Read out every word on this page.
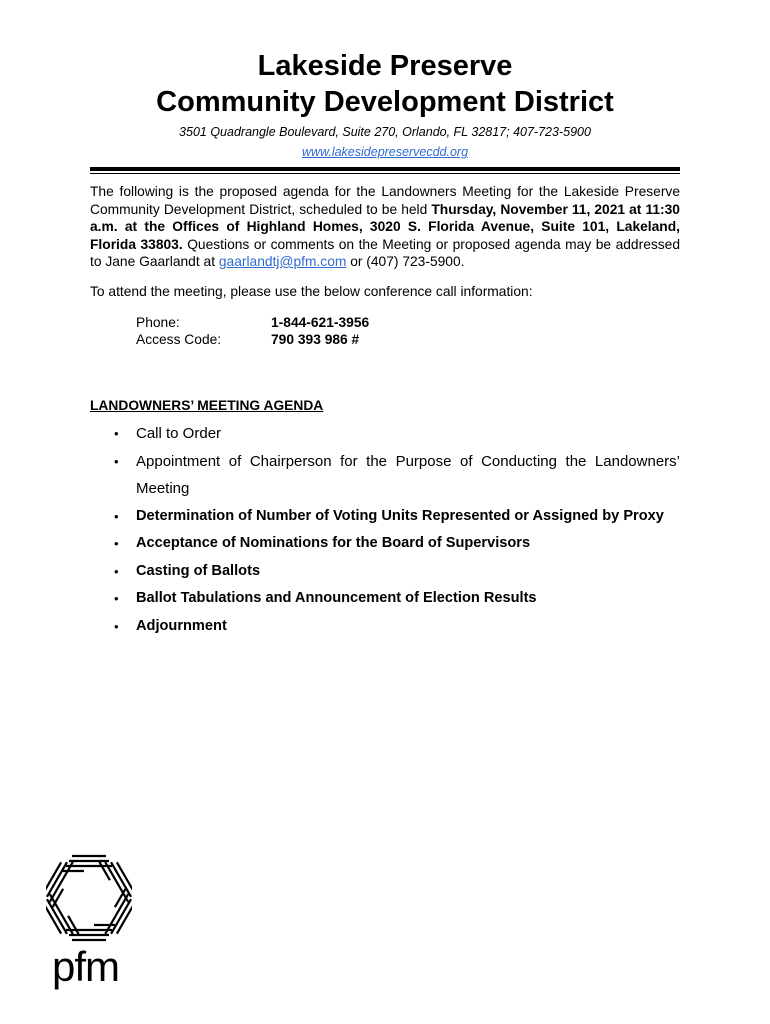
Lakeside Preserve
Community Development District
3501 Quadrangle Boulevard, Suite 270, Orlando, FL 32817; 407-723-5900
www.lakesidepreservecdd.org
The following is the proposed agenda for the Landowners Meeting for the Lakeside Preserve Community Development District, scheduled to be held Thursday, November 11, 2021 at 11:30 a.m. at the Offices of Highland Homes, 3020 S. Florida Avenue, Suite 101, Lakeland, Florida 33803. Questions or comments on the Meeting or proposed agenda may be addressed to Jane Gaarlandt at gaarlandtj@pfm.com or (407) 723-5900.
To attend the meeting, please use the below conference call information:
Phone:	1-844-621-3956
Access Code:	790 393 986 #
LANDOWNERS’ MEETING AGENDA
• Call to Order
• Appointment of Chairperson for the Purpose of Conducting the Landowners’ Meeting
• Determination of Number of Voting Units Represented or Assigned by Proxy
• Acceptance of Nominations for the Board of Supervisors
• Casting of Ballots
• Ballot Tabulations and Announcement of Election Results
• Adjournment
pfm
